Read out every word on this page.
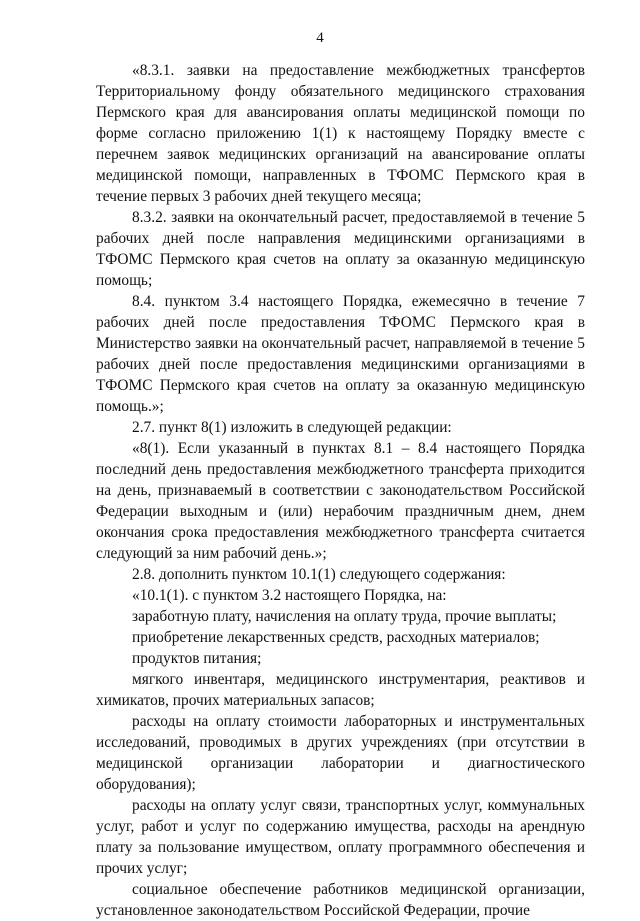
4

«8.3.1. заявки на предоставление межбюджетных трансфертов Территориальному фонду обязательного медицинского страхования Пермского края для авансирования оплаты медицинской помощи по форме согласно приложению 1(1) к настоящему Порядку вместе с перечнем заявок медицинских организаций на авансирование оплаты медицинской помощи, направленных в ТФОМС Пермского края в течение первых 3 рабочих дней текущего месяца;

8.3.2. заявки на окончательный расчет, предоставляемой в течение 5 рабочих дней после направления медицинскими организациями в ТФОМС Пермского края счетов на оплату за оказанную медицинскую помощь;

8.4. пунктом 3.4 настоящего Порядка, ежемесячно в течение 7 рабочих дней после предоставления ТФОМС Пермского края в Министерство заявки на окончательный расчет, направляемой в течение 5 рабочих дней после предоставления медицинскими организациями в ТФОМС Пермского края счетов на оплату за оказанную медицинскую помощь.»;

2.7. пункт 8(1) изложить в следующей редакции:

«8(1). Если указанный в пунктах 8.1 – 8.4 настоящего Порядка последний день предоставления межбюджетного трансферта приходится на день, признаваемый в соответствии с законодательством Российской Федерации выходным и (или) нерабочим праздничным днем, днем окончания срока предоставления межбюджетного трансферта считается следующий за ним рабочий день.»;

2.8. дополнить пунктом 10.1(1) следующего содержания:

«10.1(1). с пунктом 3.2 настоящего Порядка, на:

заработную плату, начисления на оплату труда, прочие выплаты;

приобретение лекарственных средств, расходных материалов;

продуктов питания;

мягкого инвентаря, медицинского инструментария, реактивов и химикатов, прочих материальных запасов;

расходы на оплату стоимости лабораторных и инструментальных исследований, проводимых в других учреждениях (при отсутствии в медицинской организации лаборатории и диагностического оборудования);

расходы на оплату услуг связи, транспортных услуг, коммунальных услуг, работ и услуг по содержанию имущества, расходы на арендную плату за пользование имуществом, оплату программного обеспечения и прочих услуг;

социальное обеспечение работников медицинской организации, установленное законодательством Российской Федерации, прочие
